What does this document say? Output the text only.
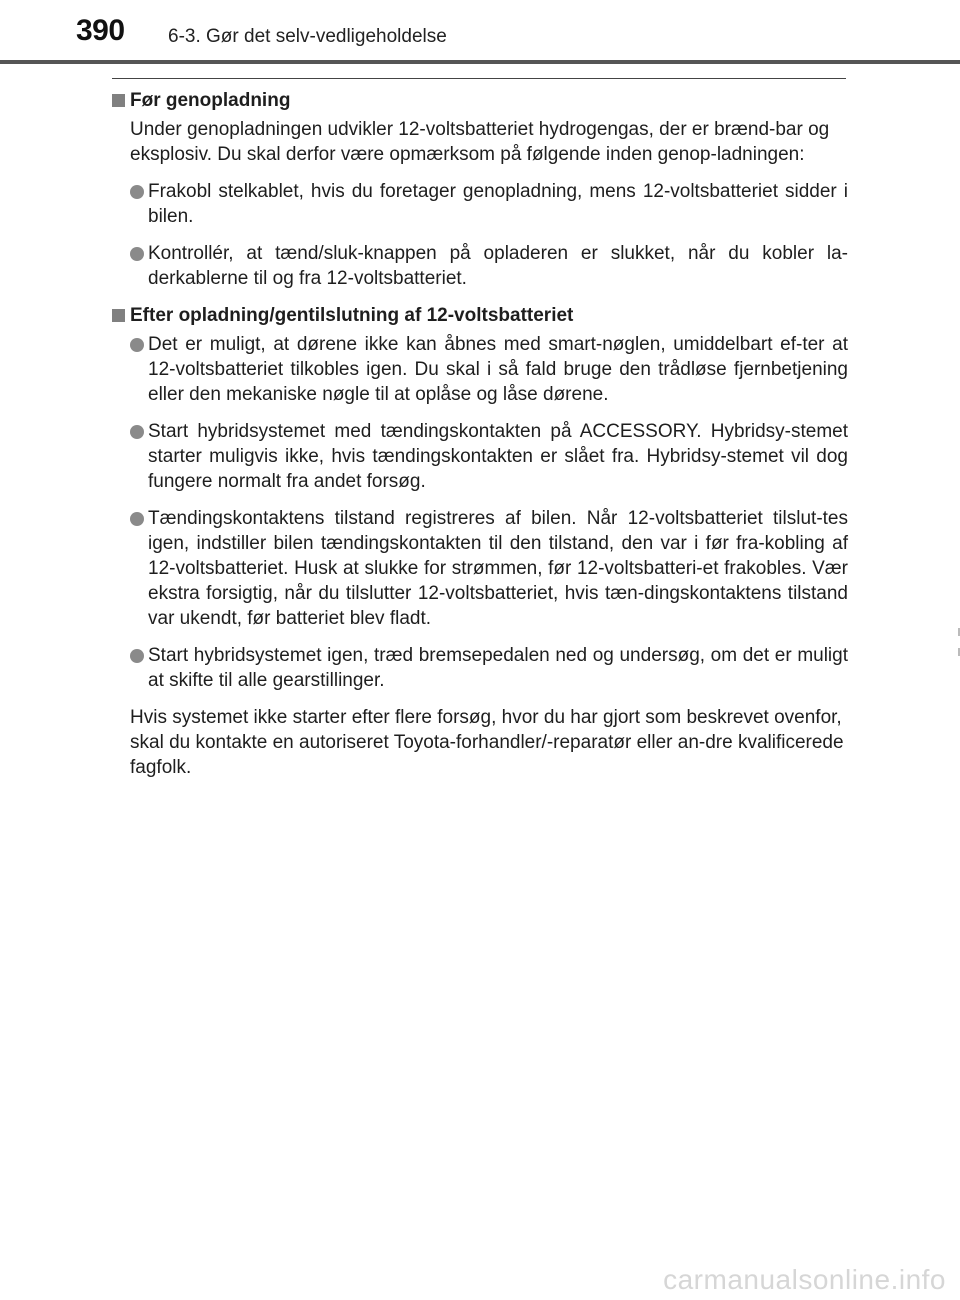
390 6-3. Gør det selv-vedligeholdelse
Før genopladning
Under genopladningen udvikler 12-voltsbatteriet hydrogengas, der er brænd-bar og eksplosiv. Du skal derfor være opmærksom på følgende inden genop-ladningen:
Frakobl stelkablet, hvis du foretager genopladning, mens 12-voltsbatteriet sidder i bilen.
Kontrollér, at tænd/sluk-knappen på opladeren er slukket, når du kobler la-derkablerne til og fra 12-voltsbatteriet.
Efter opladning/gentilslutning af 12-voltsbatteriet
Det er muligt, at dørene ikke kan åbnes med smart-nøglen, umiddelbart ef-ter at 12-voltsbatteriet tilkobles igen. Du skal i så fald bruge den trådløse fjernbetjening eller den mekaniske nøgle til at oplåse og låse dørene.
Start hybridsystemet med tændingskontakten på ACCESSORY. Hybridsy-stemet starter muligvis ikke, hvis tændingskontakten er slået fra. Hybridsy-stemet vil dog fungere normalt fra andet forsøg.
Tændingskontaktens tilstand registreres af bilen. Når 12-voltsbatteriet tilslut-tes igen, indstiller bilen tændingskontakten til den tilstand, den var i før fra-kobling af 12-voltsbatteriet. Husk at slukke for strømmen, før 12-voltsbatteri-et frakobles. Vær ekstra forsigtig, når du tilslutter 12-voltsbatteriet, hvis tæn-dingskontaktens tilstand var ukendt, før batteriet blev fladt.
Start hybridsystemet igen, træd bremsepedalen ned og undersøg, om det er muligt at skifte til alle gearstillinger.
Hvis systemet ikke starter efter flere forsøg, hvor du har gjort som beskrevet ovenfor, skal du kontakte en autoriseret Toyota-forhandler/-reparatør eller an-dre kvalificerede fagfolk.
carmanualsonline.info
